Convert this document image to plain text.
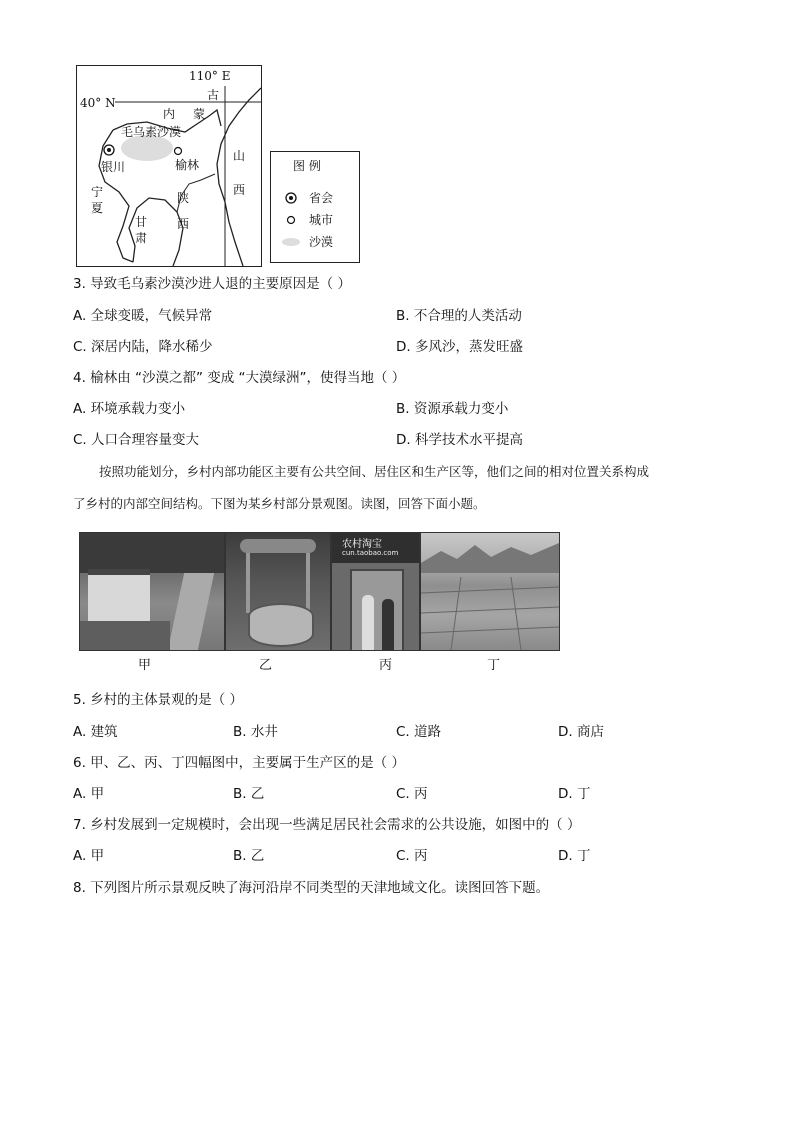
110° E
40° N
古
内 蒙
毛乌素沙漠
银川	榆林
山
西
宁
夏
陕
西
甘
肃
图 例
省会
城市
沙漠
3. 导致毛乌素沙漠沙进人退的主要原因是（ ）
A. 全球变暖，气候异常	B. 不合理的人类活动
C. 深居内陆，降水稀少	D. 多风沙，蒸发旺盛
4. 榆林由 “沙漠之都” 变成 “大漠绿洲”，使得当地（ ）
A. 环境承载力变小	B. 资源承载力变小
C. 人口合理容量变大	D. 科学技术水平提高
按照功能划分，乡村内部功能区主要有公共空间、居住区和生产区等，他们之间的相对位置关系构成
了乡村的内部空间结构。下图为某乡村部分景观图。读图，回答下面小题。
农村淘宝
cun.taobao.com
甲	乙	丙	丁
5. 乡村的主体景观的是（ ）
A. 建筑	B. 水井	C. 道路	D. 商店
6. 甲、乙、丙、丁四幅图中，主要属于生产区的是（ ）
A. 甲	B. 乙	C. 丙	D. 丁
7. 乡村发展到一定规模时，会出现一些满足居民社会需求的公共设施，如图中的（ ）
A. 甲	B. 乙	C. 丙	D. 丁
8. 下列图片所示景观反映了海河沿岸不同类型的天津地域文化。读图回答下题。
